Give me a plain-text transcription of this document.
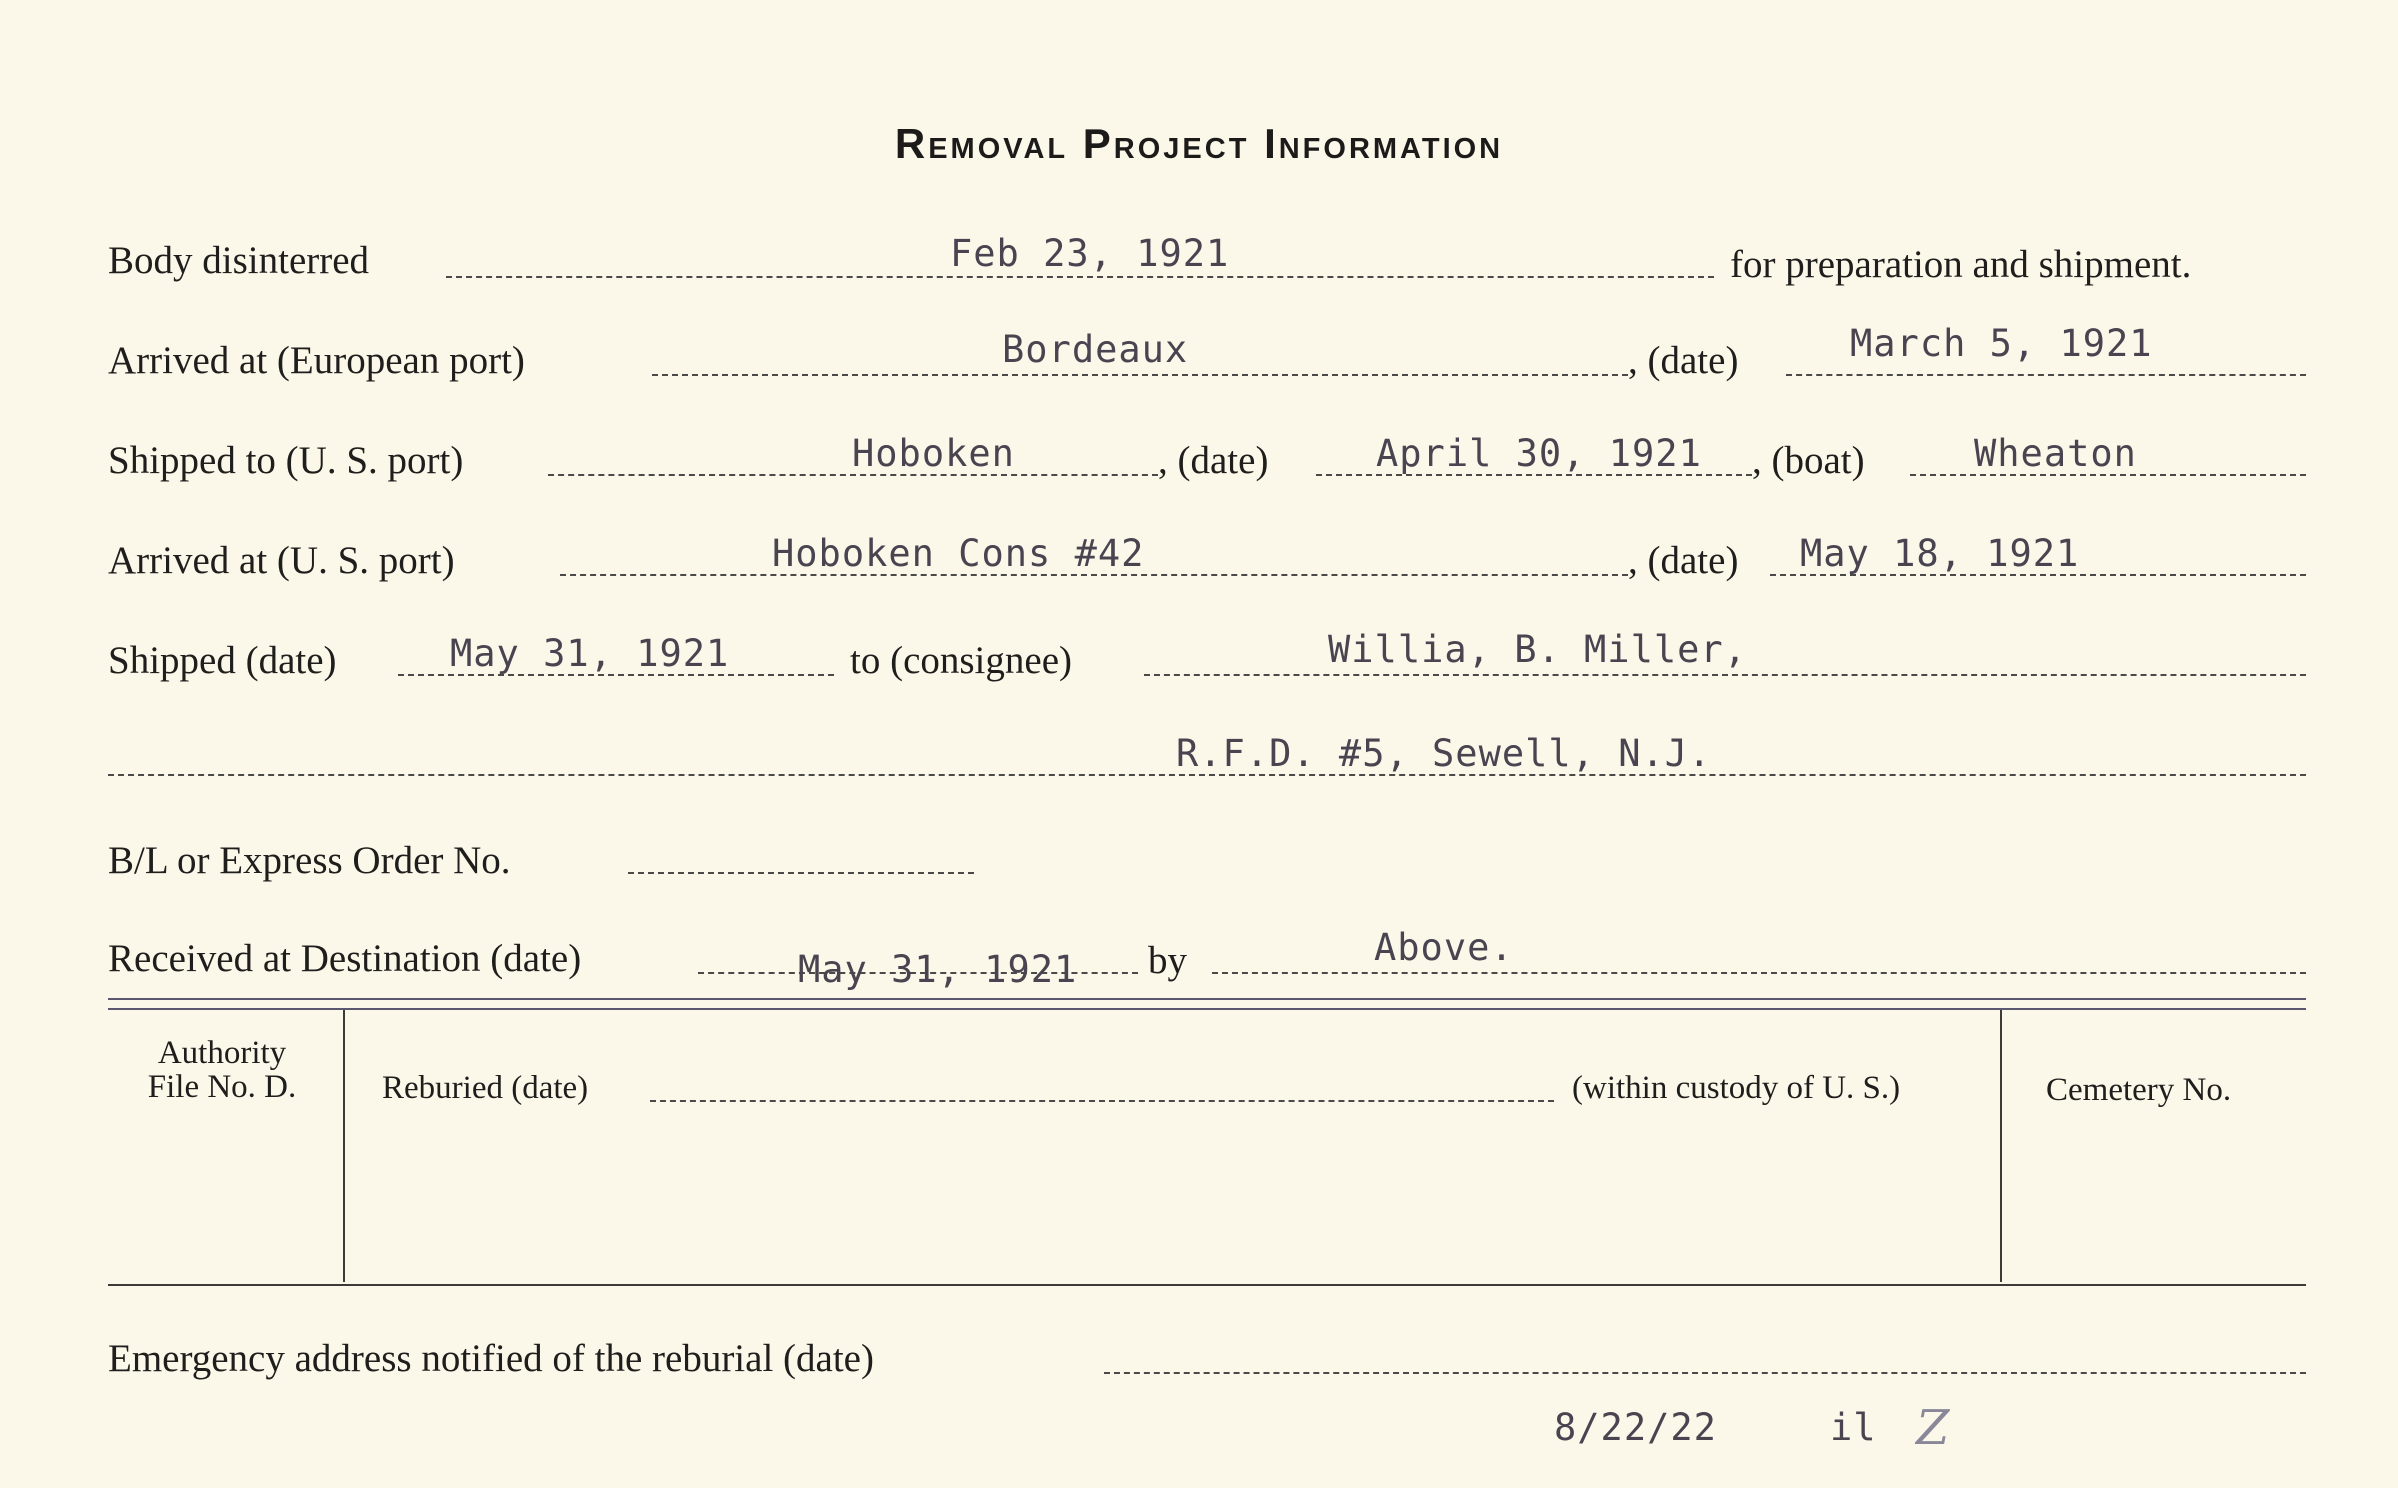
Removal Project Information
Body disinterred	Feb 23, 1921	for preparation and shipment.
Arrived at (European port)	Bordeaux	, (date)	March 5, 1921
Shipped to (U. S. port)	Hoboken	, (date)	April 30, 1921 , (boat)	Wheaton
Arrived at (U. S. port)	Hoboken Cons #42	, (date) May 18, 1921
Shipped (date)	May 31, 1921	to (consignee)	Willia, B. Miller,
R.F.D. #5, Sewell, N.J.
B/L or Express Order No.
Received at Destination (date)	May 31, 1921 by	Above.
Authority
File No. D.	Reburied (date)	(within custody of U. S.)	Cemetery No.
Emergency address notified of the reburial (date)
8/22/22	il Z
